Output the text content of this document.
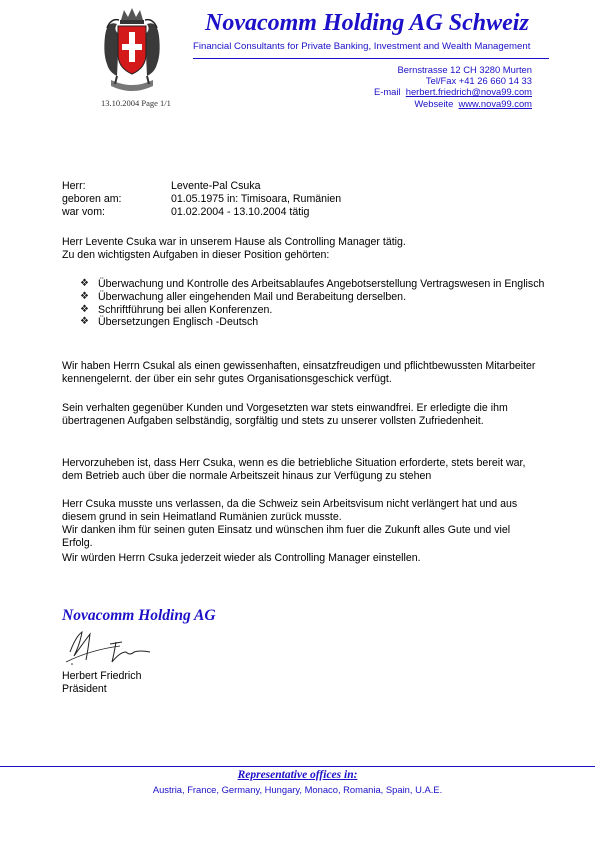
Novacomm Holding AG Schweiz
Financial Consultants for Private Banking, Investment and Wealth Management
Bernstrasse 12 CH 3280 Murten
Tel/Fax +41 26 660 14 33
E-mail herbert.friedrich@nova99.com
Webseite www.nova99.com
13.10.2004 Page 1/1
Herr:	Levente-Pal Csuka
geboren am:	01.05.1975 in: Timisoara, Rumänien
war vom:	01.02.2004 - 13.10.2004 tätig
Herr Levente Csuka war in unserem Hause als Controlling Manager tätig.
Zu den wichtigsten Aufgaben in dieser Position gehörten:
❖ Überwachung und Kontrolle des Arbeitsablaufes Angebotserstellung Vertragswesen in Englisch
❖ Überwachung aller eingehenden Mail und Berabeitung derselben.
❖ Schriftführung bei allen Konferenzen.
❖ Übersetzungen Englisch -Deutsch
Wir haben Herrn Csukal als einen gewissenhaften, einsatzfreudigen und pflichtbewussten Mitarbeiter kennengelernt. der über ein sehr gutes Organisationsgeschick verfügt.
Sein verhalten gegenüber Kunden und Vorgesetzten war stets einwandfrei. Er erledigte die ihm übertragenen Aufgaben selbständig, sorgfältig und stets zu unserer vollsten Zufriedenheit.
Hervorzuheben ist, dass Herr Csuka, wenn es die betriebliche Situation erforderte, stets bereit war, dem Betrieb auch über die normale Arbeitszeit hinaus zur Verfügung zu stehen
Herr Csuka musste uns verlassen, da die Schweiz sein Arbeitsvisum nicht verlängert hat und aus diesem grund in sein Heimatland Rumänien zurück musste.
Wir danken ihm für seinen guten Einsatz und wünschen ihm fuer die Zukunft alles Gute und viel Erfolg.
Wir würden Herrn Csuka jederzeit wieder als Controlling Manager einstellen.
Novacomm Holding AG
Herbert Friedrich
Präsident
Representative offices in:
Austria, France, Germany, Hungary, Monaco, Romania, Spain, U.A.E.
